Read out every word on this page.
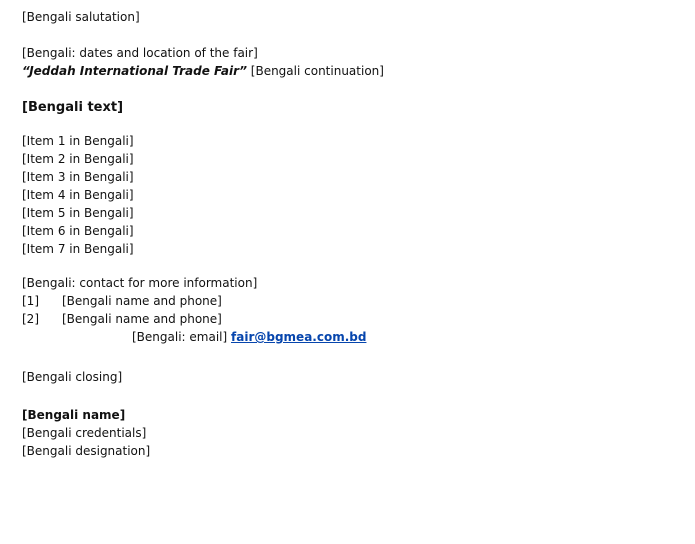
[Bengali salutation]

[Bengali: dates and location of the fair]
“Jeddah International Trade Fair” [Bengali continuation]

[Bengali text]

[Item 1 in Bengali]

[Item 2 in Bengali]

[Item 3 in Bengali]

[Item 4 in Bengali]

[Item 5 in Bengali]

[Item 6 in Bengali]

[Item 7 in Bengali]

[Bengali: contact for more information]
[1]	[Bengali name and phone]
[2]	[Bengali name and phone]
[Bengali: email] fair@bgmea.com.bd
[Bengali closing]
[Bengali name]
[Bengali credentials]
[Bengali designation]
